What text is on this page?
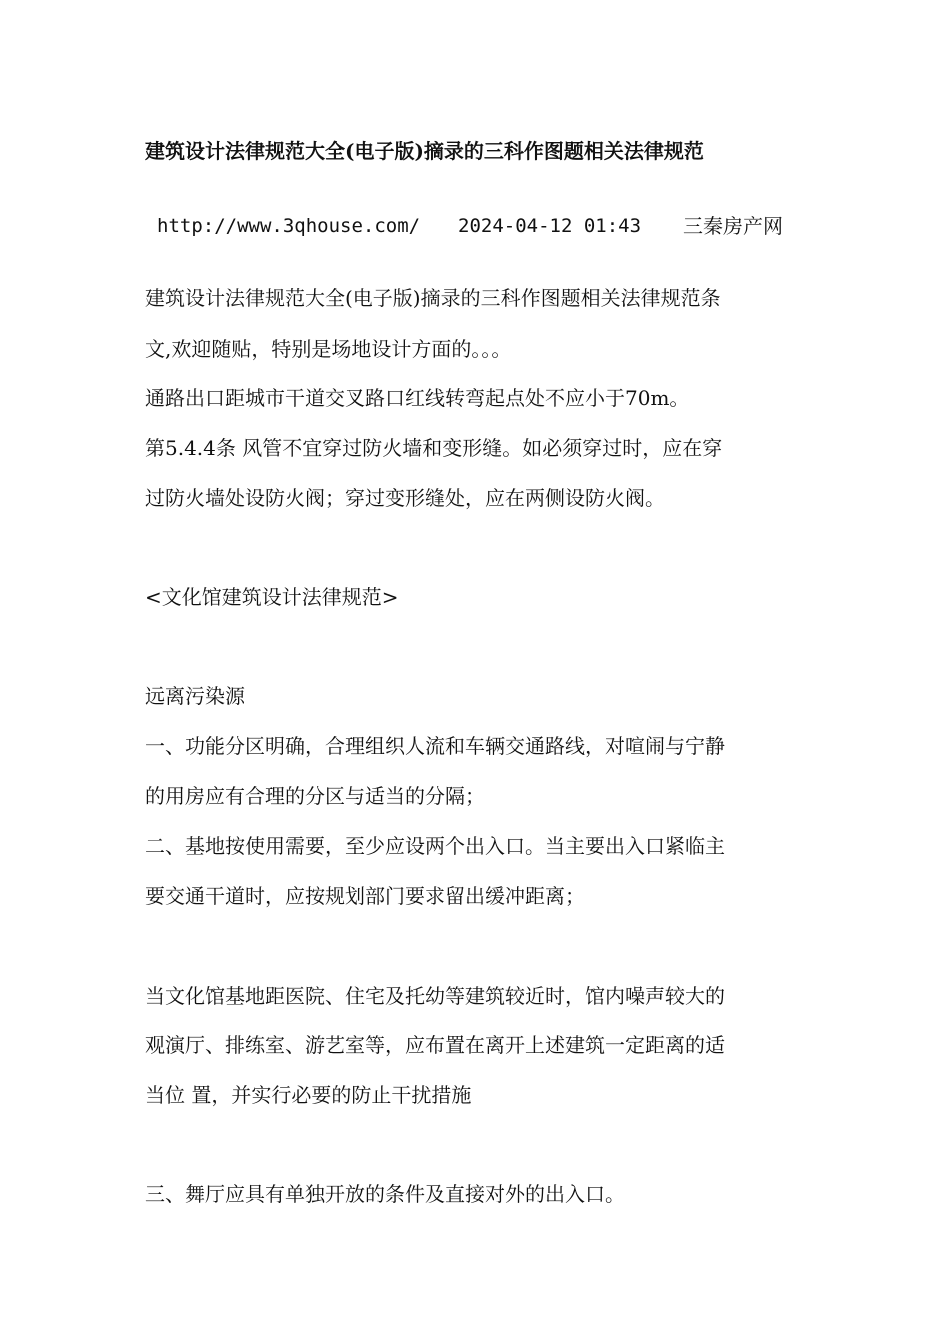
建筑设计法律规范大全(电子版)摘录的三科作图题相关法律规范
http://www.3qhouse.com/ 2024-04-12 01:43 三秦房产网

建筑设计法律规范大全(电子版)摘录的三科作图题相关法律规范条

文,欢迎随贴，特别是场地设计方面的。。。

通路出口距城市干道交叉路口红线转弯起点处不应小于70m。

第5.4.4条 风管不宜穿过防火墙和变形缝。如必须穿过时，应在穿

过防火墙处设防火阀；穿过变形缝处，应在两侧设防火阀。

<文化馆建筑设计法律规范>

远离污染源

一、功能分区明确，合理组织人流和车辆交通路线，对喧闹与宁静

的用房应有合理的分区与适当的分隔；

二、基地按使用需要，至少应设两个出入口。当主要出入口紧临主

要交通干道时，应按规划部门要求留出缓冲距离；

当文化馆基地距医院、住宅及托幼等建筑较近时，馆内噪声较大的

观演厅、排练室、游艺室等，应布置在离开上述建筑一定距离的适

当位 置，并实行必要的防止干扰措施

三、舞厅应具有单独开放的条件及直接对外的出入口。
